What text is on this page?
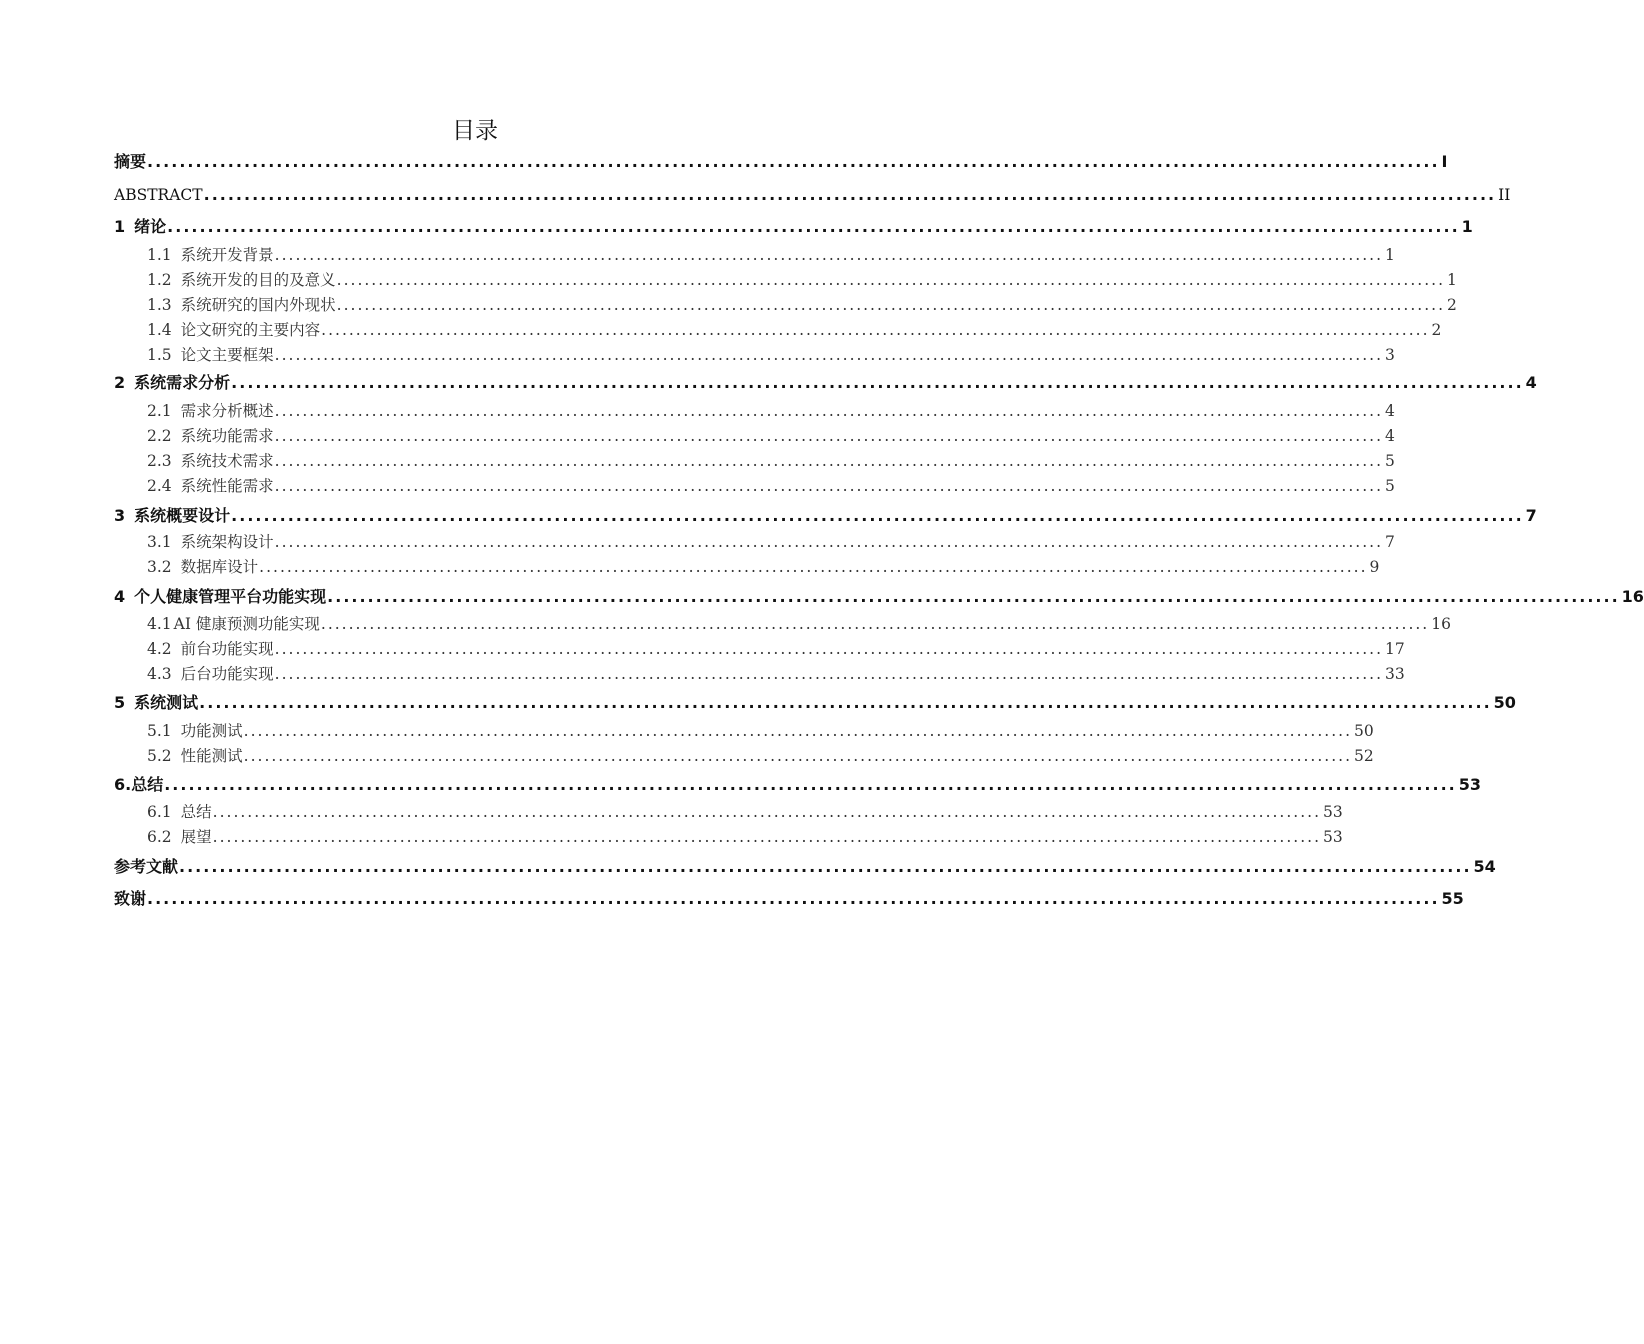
目录
摘要 ................................................................................................................................................................ I
ABSTRACT ................................................................................................................................................................ II
1 绪论 ................................................................................................................................................................ 1
1.1 系统开发背景 ................................................................................................................................................................ 1
1.2 系统开发的目的及意义 ................................................................................................................................................................ 1
1.3 系统研究的国内外现状 ................................................................................................................................................................ 2
1.4 论文研究的主要内容 ................................................................................................................................................................ 2
1.5 论文主要框架 ................................................................................................................................................................ 3
2 系统需求分析 ................................................................................................................................................................ 4
2.1 需求分析概述 ................................................................................................................................................................ 4
2.2 系统功能需求 ................................................................................................................................................................ 4
2.3 系统技术需求 ................................................................................................................................................................ 5
2.4 系统性能需求 ................................................................................................................................................................ 5
3 系统概要设计 ................................................................................................................................................................ 7
3.1 系统架构设计 ................................................................................................................................................................ 7
3.2 数据库设计 ................................................................................................................................................................ 9
4 个人健康管理平台功能实现 ................................................................................................................................................................ 16
4.1 AI 健康预测功能实现 ................................................................................................................................................................ 16
4.2 前台功能实现 ................................................................................................................................................................ 17
4.3 后台功能实现 ................................................................................................................................................................ 33
5 系统测试 ................................................................................................................................................................ 50
5.1 功能测试 ................................................................................................................................................................ 50
5.2 性能测试 ................................................................................................................................................................ 52
6.总结 ................................................................................................................................................................ 53
6.1 总结 ................................................................................................................................................................ 53
6.2 展望 ................................................................................................................................................................ 53
参考文献 ................................................................................................................................................................ 54
致谢 ................................................................................................................................................................ 55
